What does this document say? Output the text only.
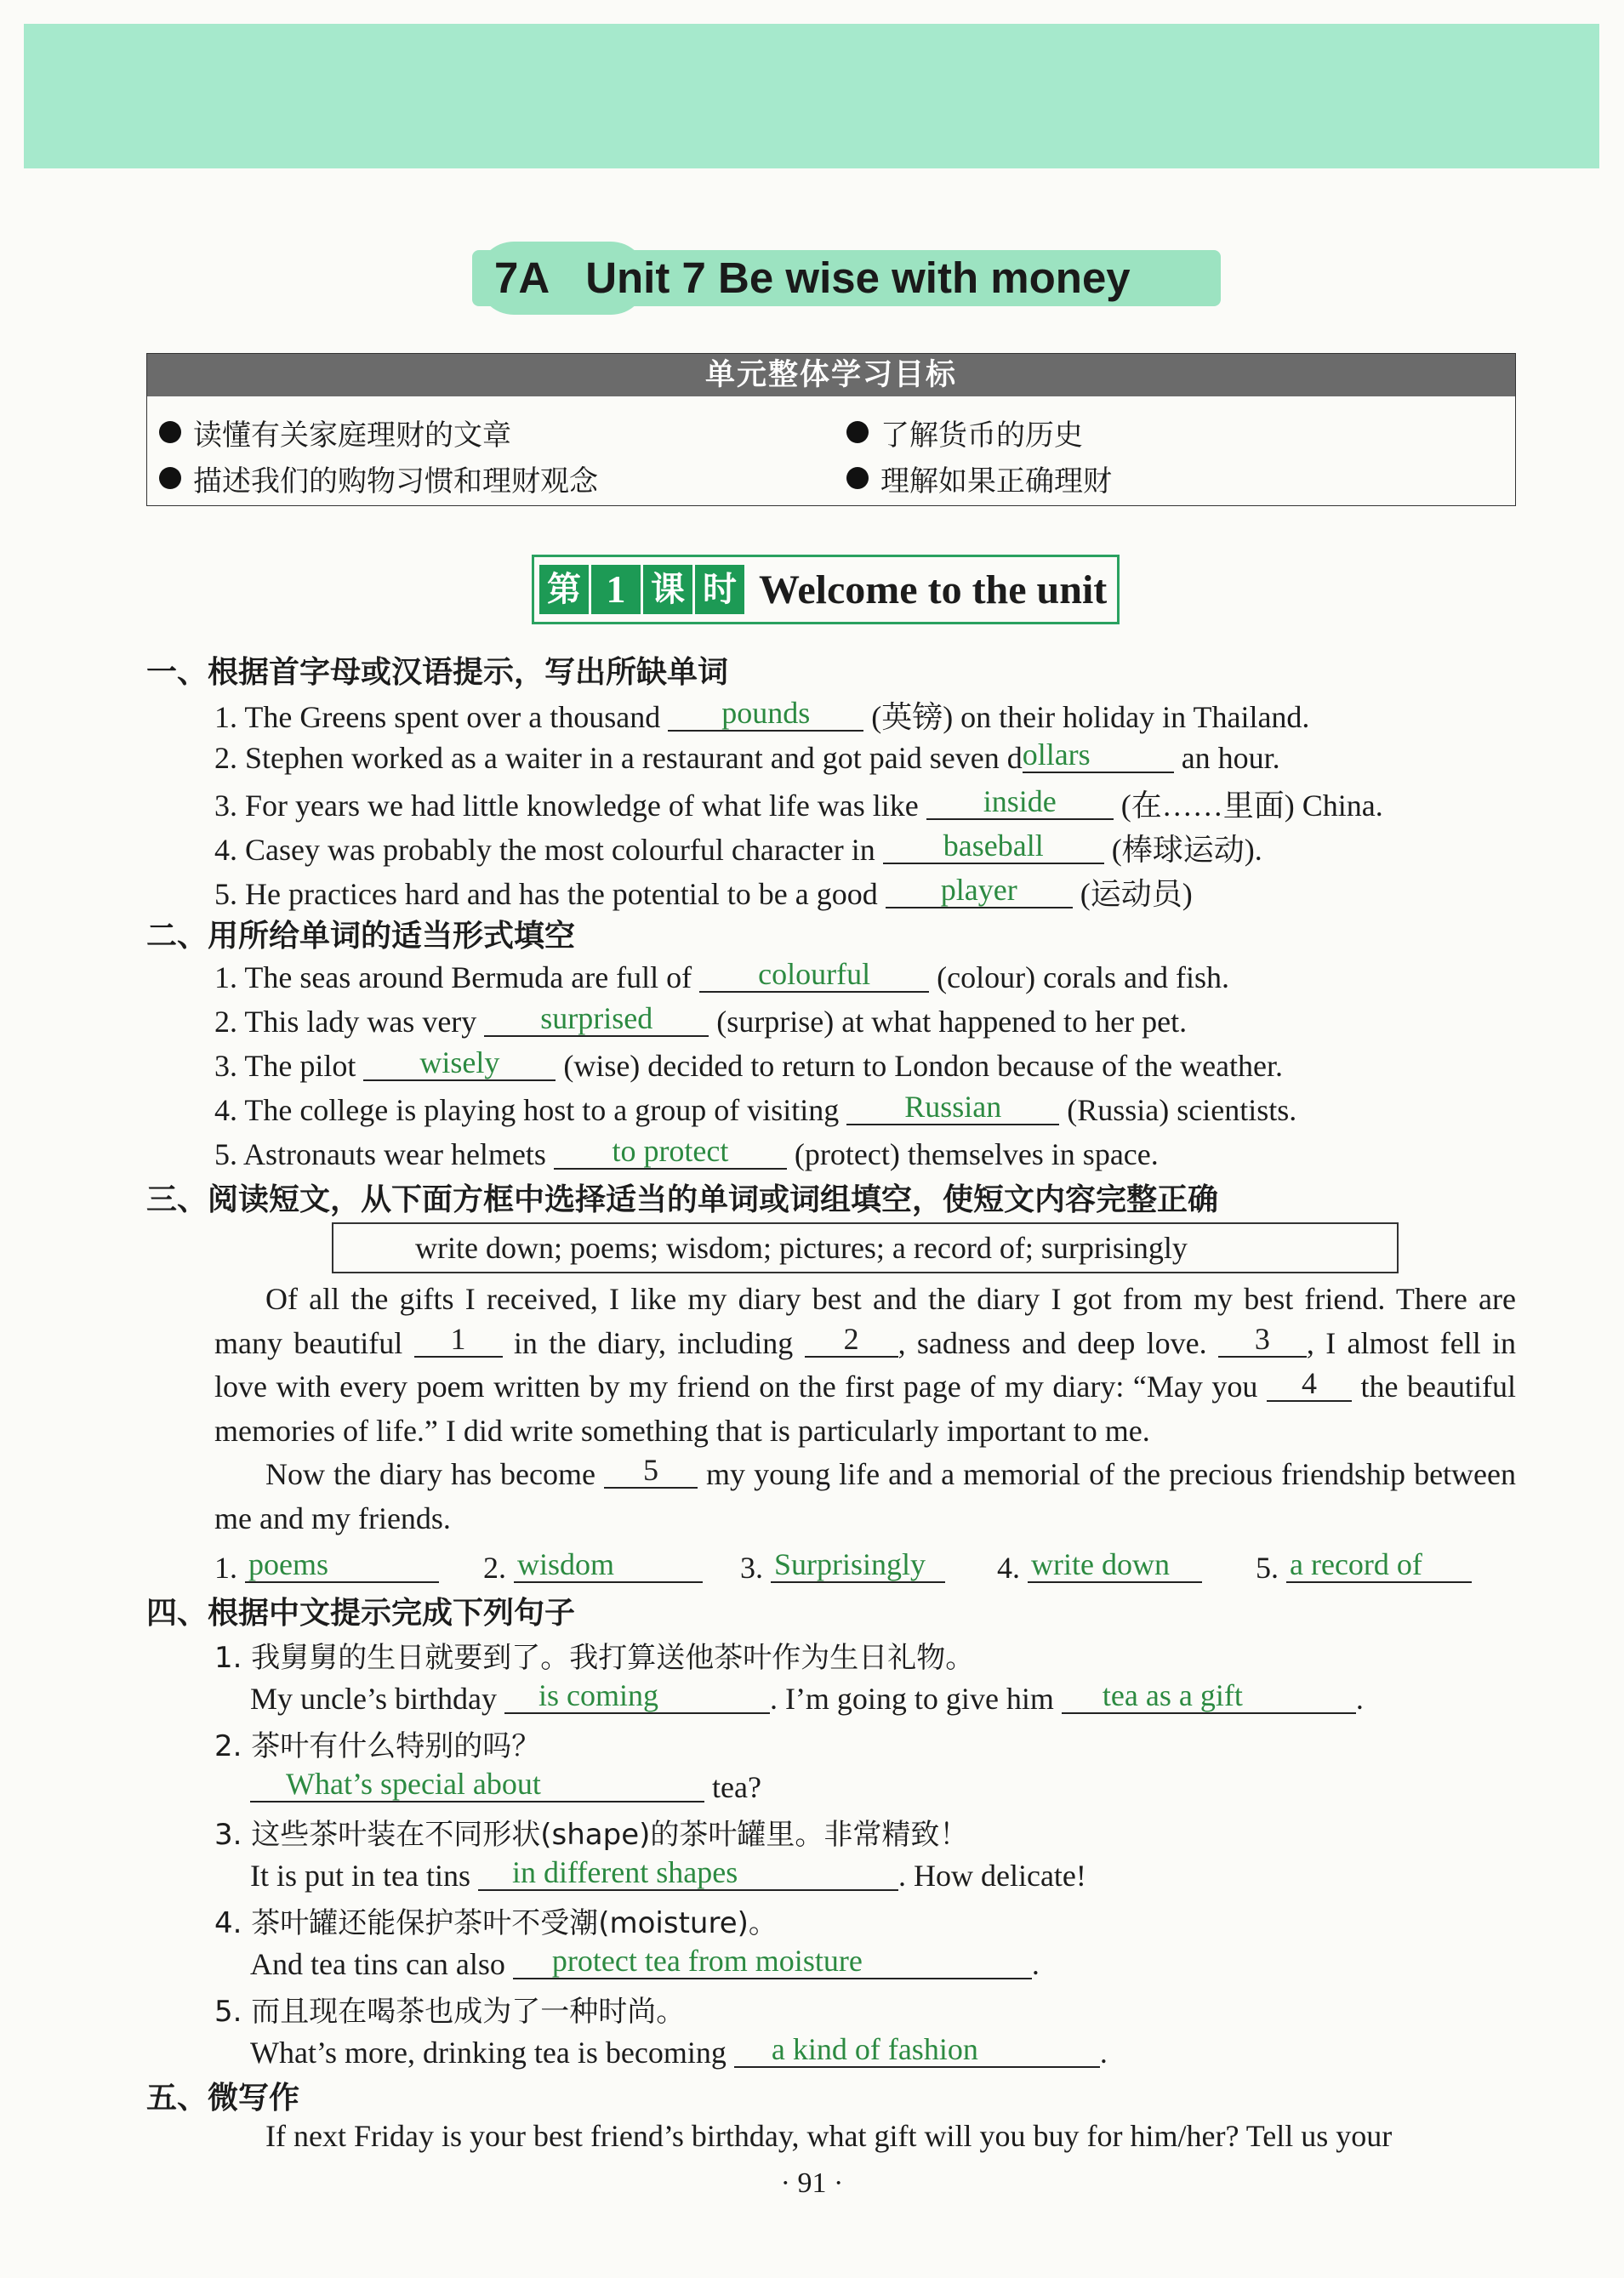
7A Unit 7 Be wise with money
单元整体学习目标
读懂有关家庭理财的文章	了解货币的历史
描述我们的购物习惯和理财观念	理解如果正确理财
第 1 课 时 Welcome to the unit
一、根据首字母或汉语提示，写出所缺单词
1. The Greens spent over a thousand	pounds	(英镑) on their holiday in Thailand.
2. Stephen worked as a waiter in a restaurant and got paid seven d ollars	an hour.
3. For years we had little knowledge of what life was like	inside	(在……里面) China.
4. Casey was probably the most colourful character in	baseball	(棒球运动).
5. He practices hard and has the potential to be a good	player	(运动员)
二、用所给单词的适当形式填空
1. The seas around Bermuda are full of	colourful	(colour) corals and fish.
2. This lady was very	surprised	(surprise) at what happened to her pet.
3. The pilot	wisely	(wise) decided to return to London because of the weather.
4. The college is playing host to a group of visiting	Russian	(Russia) scientists.
5. Astronauts wear helmets	to protect	(protect) themselves in space.
三、阅读短文，从下面方框中选择适当的单词或词组填空，使短文内容完整正确
write down; poems; wisdom; pictures; a record of; surprisingly
Of all the gifts I received, I like my diary best and the diary I got from my best friend. There are many beautiful	1	in the diary, including	2	, sadness and deep love.	3	, I almost fell in love with every poem written by my friend on the first page of my diary: “May you	4	the beautiful memories of life.” I did write something that is particularly important to me.
Now the diary has become	5	my young life and a memorial of the precious friendship between me and my friends.
1. poems	2. wisdom	3. Surprisingly	4. write down	5. a record of
四、根据中文提示完成下列句子
1. 我舅舅的生日就要到了。我打算送他茶叶作为生日礼物。
My uncle’s birthday	is coming	. I’m going to give him	tea as a gift	.
2. 茶叶有什么特别的吗？
What’s special about	tea?
3. 这些茶叶装在不同形状(shape)的茶叶罐里。非常精致！
It is put in tea tins	in different shapes	. How delicate!
4. 茶叶罐还能保护茶叶不受潮(moisture)。
And tea tins can also	protect tea from moisture	.
5. 而且现在喝茶也成为了一种时尚。
What’s more, drinking tea is becoming	a kind of fashion	.
五、微写作
If next Friday is your best friend’s birthday, what gift will you buy for him/her? Tell us your
· 91 ·
